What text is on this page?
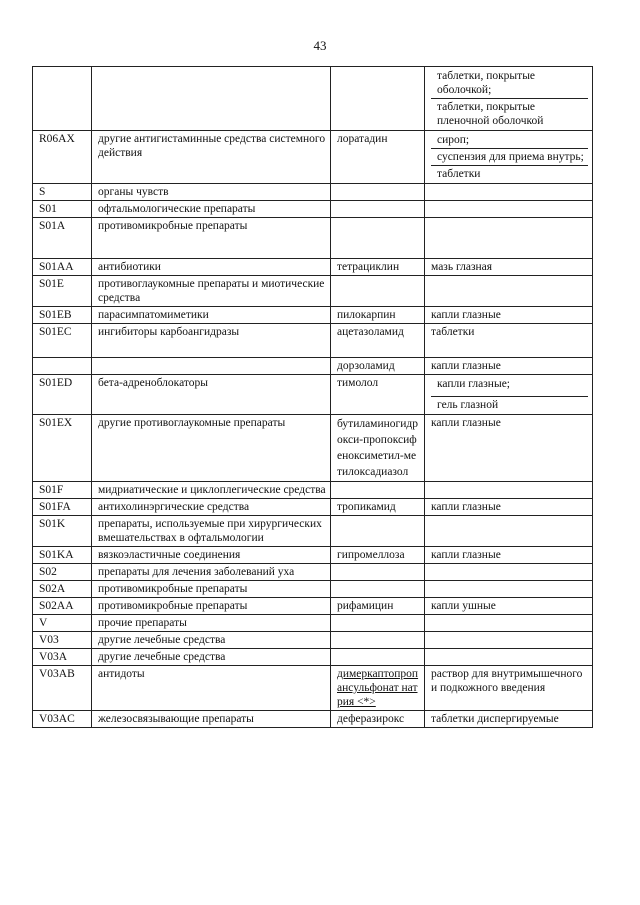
43

			таблетки, покрытые оболочкой;
таблетки, покрытые пленочной оболочкой

R06AX	другие антигистаминные средства системного действия	лоратадин	сироп;
суспензия для приема внутрь;
таблетки

S	органы чувств		
S01	офтальмологические препараты		
S01A	противомикробные препараты		
S01AA	антибиотики	тетрациклин	мазь глазная
S01E	противоглаукомные препараты и миотические средства		
S01EB	парасимпатомиметики	пилокарпин	капли глазные
S01EC	ингибиторы карбоангидразы	ацетазоламид	таблетки
		дорзоламид	капли глазные
S01ED	бета-адреноблокаторы	тимолол	капли глазные;
гель глазной

S01EX	другие противоглаукомные препараты	бутиламиногидрокси-пропоксифеноксиметил-метилоксадиазол	капли глазные
S01F	мидриатические и циклоплегические средства		
S01FA	антихолинэргические средства	тропикамид	капли глазные
S01K	препараты, используемые при хирургических вмешательствах в офтальмологии		
S01KA	вязкоэластичные соединения	гипромеллоза	капли глазные
S02	препараты для лечения заболеваний уха		
S02A	противомикробные препараты		
S02AA	противомикробные препараты	рифамицин	капли ушные
V	прочие препараты		
V03	другие лечебные средства		
V03A	другие лечебные средства		
V03AB	антидоты	димеркаптопропансульфонат натрия <*>	раствор для внутримышечного и подкожного введения
V03AC	железосвязывающие препараты	деферазирокс	таблетки диспергируемые
